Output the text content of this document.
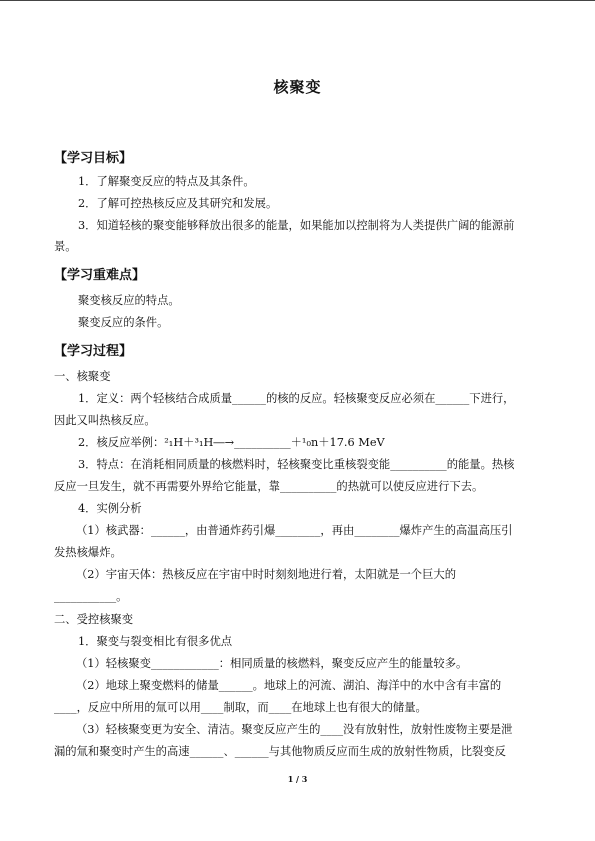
核聚变
【学习目标】
1．了解聚变反应的特点及其条件。
2．了解可控热核反应及其研究和发展。
3．知道轻核的聚变能够释放出很多的能量，如果能加以控制将为人类提供广阔的能源前
景。
【学习重难点】
聚变核反应的特点。
聚变反应的条件。
【学习过程】
一、核聚变
1．定义：两个轻核结合成质量______的核的反应。轻核聚变反应必须在______下进行，
因此又叫热核反应。
2．核反应举例：²₁H＋³₁H―→__________＋¹₀n＋17.6 MeV
3．特点：在消耗相同质量的核燃料时，轻核聚变比重核裂变能__________的能量。热核
反应一旦发生，就不再需要外界给它能量，靠__________的热就可以使反应进行下去。
4．实例分析
（1）核武器：______，由普通炸药引爆________，再由________爆炸产生的高温高压引
发热核爆炸。
（2）宇宙天体：热核反应在宇宙中时时刻刻地进行着，太阳就是一个巨大的
___________。
二、受控核聚变
1．聚变与裂变相比有很多优点
（1）轻核聚变____________：相同质量的核燃料，聚变反应产生的能量较多。
（2）地球上聚变燃料的储量______。地球上的河流、湖泊、海洋中的水中含有丰富的
____，反应中所用的氚可以用____制取，而____在地球上也有很大的储量。
（3）轻核聚变更为安全、清洁。聚变反应产生的____没有放射性，放射性废物主要是泄
漏的氚和聚变时产生的高速______、______与其他物质反应而生成的放射性物质，比裂变反
1 / 3
